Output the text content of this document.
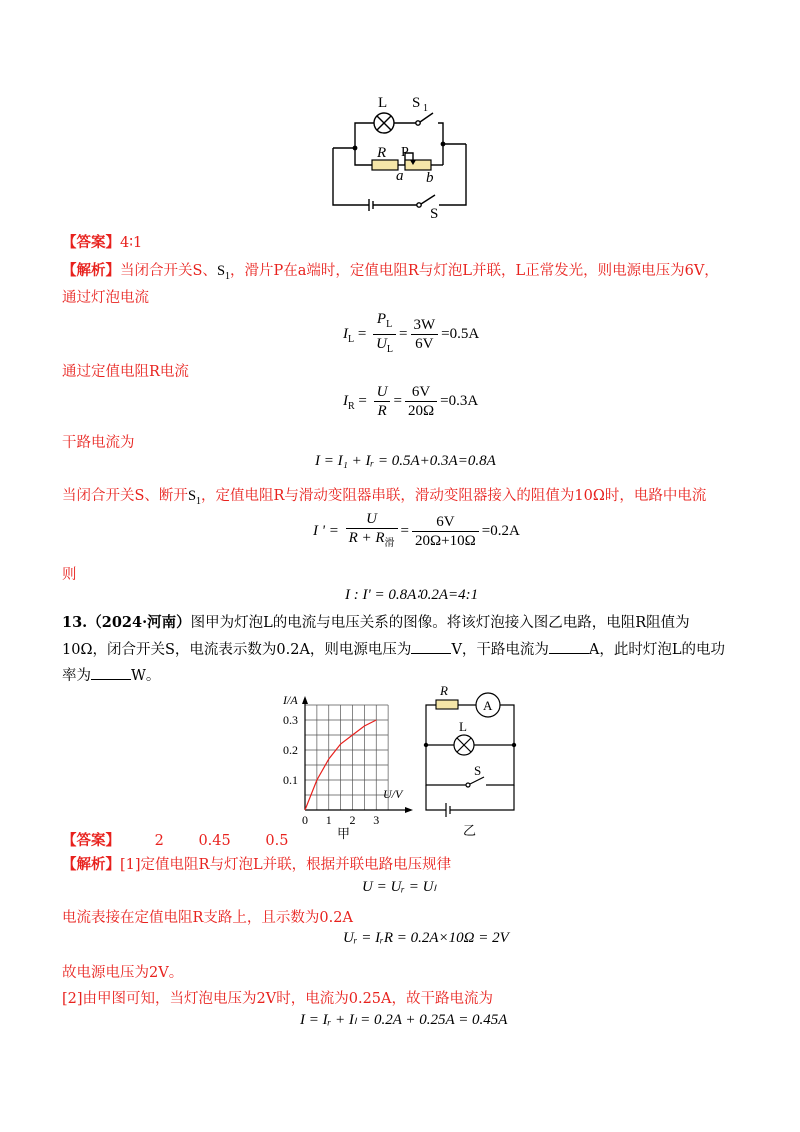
L S 1
R P
a b
S
【答案】4∶1
【解析】当闭合开关S、$S_1$，滑片P在a端时，定值电阻R与灯泡L并联，L正常发光，则电源电压为6V，
通过灯泡电流
$I_L = \frac{P_L}{U_L} = \frac{3W}{6V} =0.5A$
通过定值电阻R电流
$I_R = \frac{U}{R} = \frac{6V}{20\Omega} =0.3A$
干路电流为
I = I₁ + Iᵣ = 0.5A+0.3A=0.8A
当闭合开关S、断开$S_1$，定值电阻R与滑动变阻器串联，滑动变阻器接入的阻值为10Ω时，电路中电流
I ' = $\frac{U}{R + R_滑} = \frac{6V}{20\Omega+10\Omega} =0.2A$
则
I : I' = 0.8A∶0.2A=4:1
13.（2024·河南）图甲为灯泡L的电流与电压关系的图像。将该灯泡接入图乙电路，电阻R阻值为
10Ω，闭合开关S，电流表示数为0.2A，则电源电压为	V，干路电流为	A，此时灯泡L的电功
率为	W。
0 1 2 3
0.1
0.2
0.3
I/A
U/V
甲
R
A
L
S
乙
【答案】 2 0.45 0.5
【解析】[1]定值电阻R与灯泡L并联，根据并联电路电压规律
U = Uᵣ = Uₗ
电流表接在定值电阻R支路上，且示数为0.2A
Uᵣ = IᵣR = 0.2A×10Ω = 2V
故电源电压为2V。
[2]由甲图可知，当灯泡电压为2V时，电流为0.25A，故干路电流为
I = Iᵣ + Iₗ = 0.2A + 0.25A = 0.45A
